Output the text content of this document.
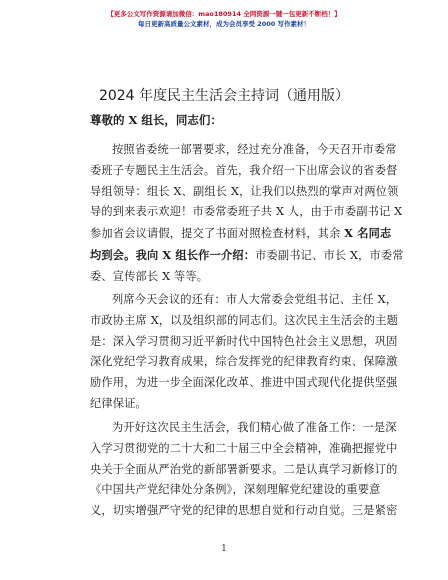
【更多公文写作资源请加微信：mao180914 全网资源一键一包更新不断档！】
每日更新高质量公文素材，成为会员享受 2000 写作素材！
2024 年度民主生活会主持词（通用版）
尊敬的 X 组长，同志们：
按照省委统一部署要求，经过充分准备，今天召开市委常
委班子专题民主生活会。首先，我介绍一下出席会议的省委督
导组领导：组长 X、副组长 X，让我们以热烈的掌声对两位领
导的到来表示欢迎！市委常委班子共 X 人，由于市委副书记 X
参加省会议请假，提交了书面对照检查材料，其余 X 名同志
均到会。我向 X 组长作一介绍：市委副书记、市长 X，市委常
委、宣传部长 X 等等。
列席今天会议的还有：市人大常委会党组书记、主任 X，
市政协主席 X，以及组织部的同志们。这次民主生活会的主题
是：深入学习贯彻习近平新时代中国特色社会主义思想，巩固
深化党纪学习教育成果，综合发挥党的纪律教育约束、保障激
励作用，为进一步全面深化改革、推进中国式现代化提供坚强
纪律保证。
为开好这次民主生活会，我们精心做了准备工作：一是深
入学习贯彻党的二十大和二十届三中全会精神，准确把握党中
央关于全面从严治党的新部署新要求。二是认真学习新修订的
《中国共产党纪律处分条例》，深刻理解党纪建设的重要意
义，切实增强严守党的纪律的思想自觉和行动自觉。三是紧密
1
